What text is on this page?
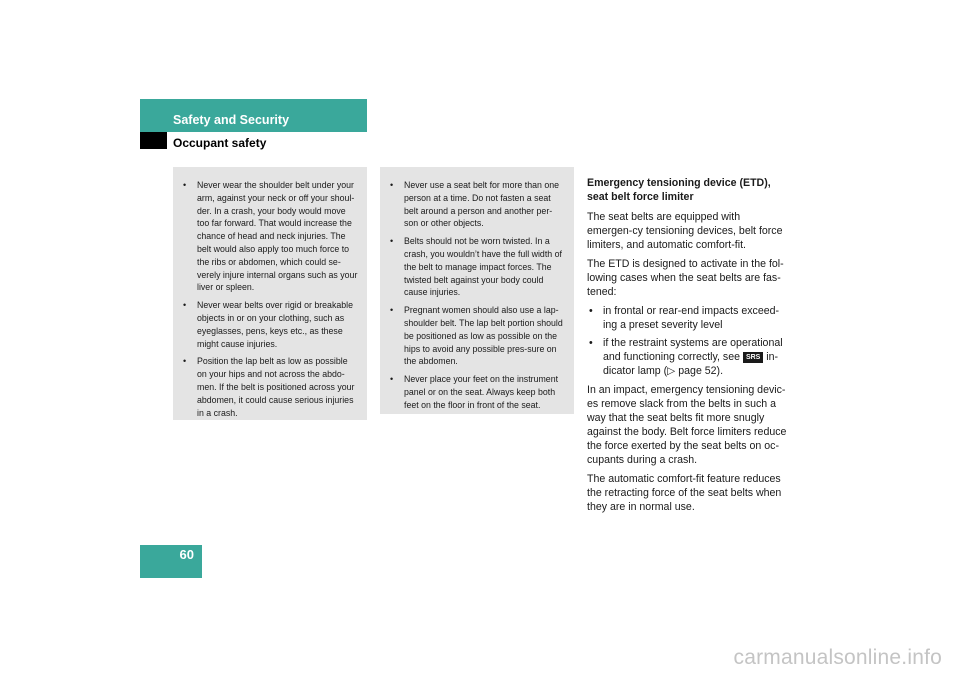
Safety and Security
Occupant safety
• Never wear the shoulder belt under your arm, against your neck or off your shoul-der. In a crash, your body would move too far forward. That would increase the chance of head and neck injuries. The belt would also apply too much force to the ribs or abdomen, which could se-verely injure internal organs such as your liver or spleen.
• Never wear belts over rigid or breakable objects in or on your clothing, such as eyeglasses, pens, keys etc., as these might cause injuries.
• Position the lap belt as low as possible on your hips and not across the abdo-men. If the belt is positioned across your abdomen, it could cause serious injuries in a crash.
• Never use a seat belt for more than one person at a time. Do not fasten a seat belt around a person and another per-son or other objects.
• Belts should not be worn twisted. In a crash, you wouldn’t have the full width of the belt to manage impact forces. The twisted belt against your body could cause injuries.
• Pregnant women should also use a lap-shoulder belt. The lap belt portion should be positioned as low as possible on the hips to avoid any possible pres-sure on the abdomen.
• Never place your feet on the instrument panel or on the seat. Always keep both feet on the floor in front of the seat.

Emergency tensioning device (ETD), seat belt force limiter

The seat belts are equipped with emergen-cy tensioning devices, belt force limiters, and automatic comfort-fit.

The ETD is designed to activate in the fol-lowing cases when the seat belts are fas-tened:

• in frontal or rear-end impacts exceed-ing a preset severity level
• if the restraint systems are operational and functioning correctly, see SRS in-dicator lamp (▷ page 52).

In an impact, emergency tensioning devic-es remove slack from the belts in such a way that the seat belts fit more snugly against the body. Belt force limiters reduce the force exerted by the seat belts on oc-cupants during a crash.

The automatic comfort-fit feature reduces the retracting force of the seat belts when they are in normal use.

60
carmanualsonline.info
